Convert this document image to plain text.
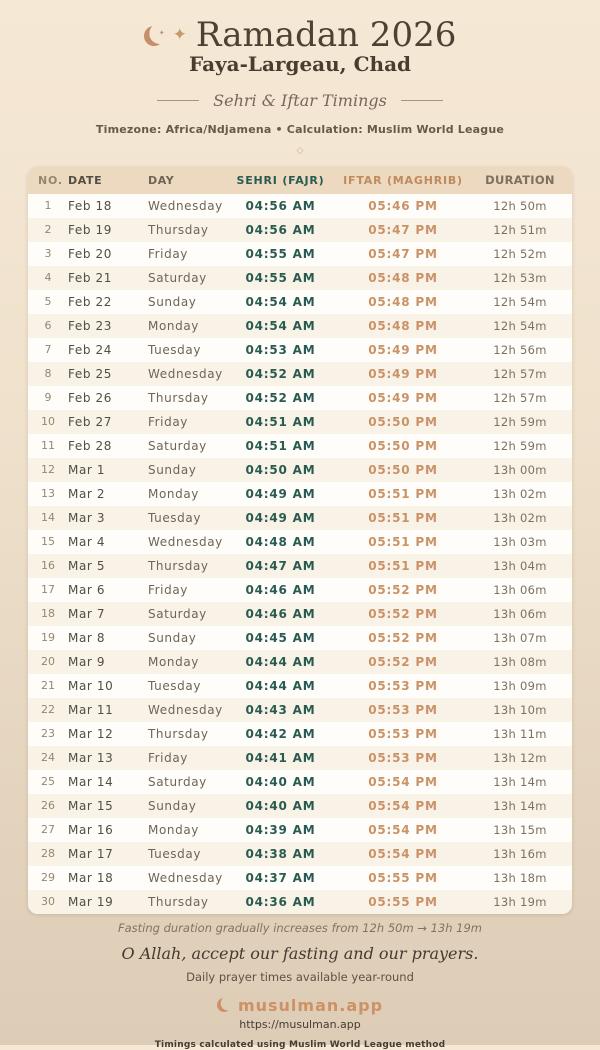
✦ ✦ Ramadan 2026
Faya-Largeau, Chad
Sehri & Iftar Timings
Timezone: Africa/Ndjamena • Calculation: Muslim World League
◇
NO.	DATE	DAY	SEHRI (FAJR)	IFTAR (MAGHRIB)	DURATION
1	Feb 18	Wednesday	04:56 AM	05:46 PM	12h 50m
2	Feb 19	Thursday	04:56 AM	05:47 PM	12h 51m
3	Feb 20	Friday	04:55 AM	05:47 PM	12h 52m
4	Feb 21	Saturday	04:55 AM	05:48 PM	12h 53m
5	Feb 22	Sunday	04:54 AM	05:48 PM	12h 54m
6	Feb 23	Monday	04:54 AM	05:48 PM	12h 54m
7	Feb 24	Tuesday	04:53 AM	05:49 PM	12h 56m
8	Feb 25	Wednesday	04:52 AM	05:49 PM	12h 57m
9	Feb 26	Thursday	04:52 AM	05:49 PM	12h 57m
10	Feb 27	Friday	04:51 AM	05:50 PM	12h 59m
11	Feb 28	Saturday	04:51 AM	05:50 PM	12h 59m
12	Mar 1	Sunday	04:50 AM	05:50 PM	13h 00m
13	Mar 2	Monday	04:49 AM	05:51 PM	13h 02m
14	Mar 3	Tuesday	04:49 AM	05:51 PM	13h 02m
15	Mar 4	Wednesday	04:48 AM	05:51 PM	13h 03m
16	Mar 5	Thursday	04:47 AM	05:51 PM	13h 04m
17	Mar 6	Friday	04:46 AM	05:52 PM	13h 06m
18	Mar 7	Saturday	04:46 AM	05:52 PM	13h 06m
19	Mar 8	Sunday	04:45 AM	05:52 PM	13h 07m
20	Mar 9	Monday	04:44 AM	05:52 PM	13h 08m
21	Mar 10	Tuesday	04:44 AM	05:53 PM	13h 09m
22	Mar 11	Wednesday	04:43 AM	05:53 PM	13h 10m
23	Mar 12	Thursday	04:42 AM	05:53 PM	13h 11m
24	Mar 13	Friday	04:41 AM	05:53 PM	13h 12m
25	Mar 14	Saturday	04:40 AM	05:54 PM	13h 14m
26	Mar 15	Sunday	04:40 AM	05:54 PM	13h 14m
27	Mar 16	Monday	04:39 AM	05:54 PM	13h 15m
28	Mar 17	Tuesday	04:38 AM	05:54 PM	13h 16m
29	Mar 18	Wednesday	04:37 AM	05:55 PM	13h 18m
30	Mar 19	Thursday	04:36 AM	05:55 PM	13h 19m
Fasting duration gradually increases from 12h 50m → 13h 19m
O Allah, accept our fasting and our prayers.
Daily prayer times available year-round
musulman.app
https://musulman.app
Timings calculated using Muslim World League method
